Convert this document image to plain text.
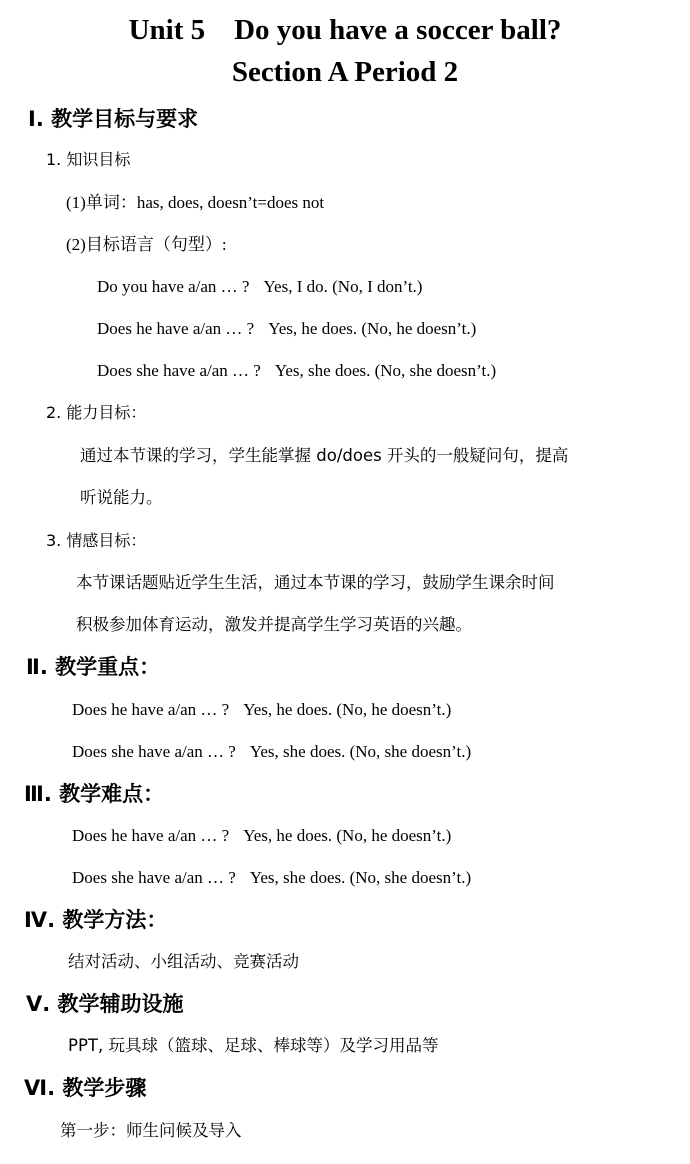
Unit 5    Do you have a soccer ball?
Section A Period 2
Ⅰ. 教学目标与要求
1. 知识目标
(1)单词：has, does, doesn’t=does not
(2)目标语言（句型）:
Do you have a/an … ? Yes, I do. (No, I don’t.)
Does he have a/an … ? Yes, he does. (No, he doesn’t.)
Does she have a/an … ? Yes, she does. (No, she doesn’t.)
2. 能力目标：
通过本节课的学习，学生能掌握 do/does 开头的一般疑问句，提高
听说能力。
3. 情感目标：
本节课话题贴近学生生活，通过本节课的学习，鼓励学生课余时间
积极参加体育运动，激发并提高学生学习英语的兴趣。
Ⅱ. 教学重点：
Does he have a/an … ? Yes, he does. (No, he doesn’t.)
Does she have a/an … ? Yes, she does. (No, she doesn’t.)
Ⅲ. 教学难点：
Does he have a/an … ? Yes, he does. (No, he doesn’t.)
Does she have a/an … ? Yes, she does. (No, she doesn’t.)
Ⅳ. 教学方法：
结对活动、小组活动、竞赛活动
Ⅴ. 教学辅助设施
PPT, 玩具球（篮球、足球、棒球等）及学习用品等
Ⅵ. 教学步骤
第一步：师生问候及导入
